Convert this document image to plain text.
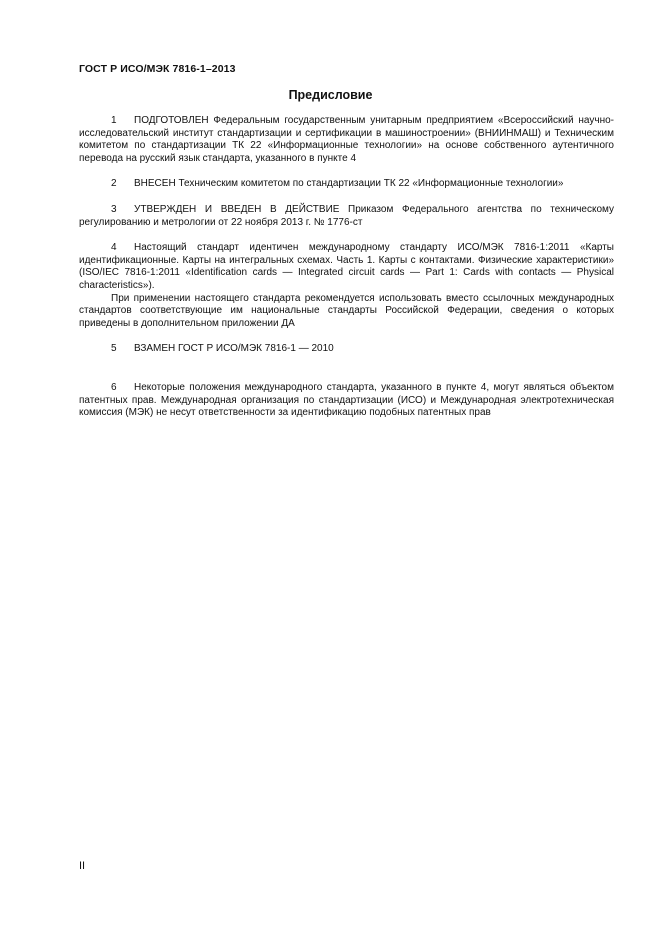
ГОСТ Р ИСО/МЭК 7816-1–2013
Предисловие

1 ПОДГОТОВЛЕН Федеральным государственным унитарным предприятием «Всероссийский научно-исследовательский институт стандартизации и сертификации в машиностроении» (ВНИИНМАШ) и Техническим комитетом по стандартизации ТК 22 «Информационные технологии» на основе собственного аутентичного перевода на русский язык стандарта, указанного в пункте 4

2 ВНЕСЕН Техническим комитетом по стандартизации ТК 22 «Информационные технологии»

3 УТВЕРЖДЕН И ВВЕДЕН В ДЕЙСТВИЕ Приказом Федерального агентства по техническому регулированию и метрологии от 22 ноября 2013 г. № 1776-ст

4 Настоящий стандарт идентичен международному стандарту ИСО/МЭК 7816-1:2011 «Карты идентификационные. Карты на интегральных схемах. Часть 1. Карты с контактами. Физические характеристики» (ISO/IEC 7816-1:2011 «Identification cards — Integrated circuit cards — Part 1: Cards with contacts — Physical characteristics»).

При применении настоящего стандарта рекомендуется использовать вместо ссылочных международных стандартов соответствующие им национальные стандарты Российской Федерации, сведения о которых приведены в дополнительном приложении ДА

5 ВЗАМЕН ГОСТ Р ИСО/МЭК 7816-1 — 2010

6 Некоторые положения международного стандарта, указанного в пункте 4, могут являться объектом патентных прав. Международная организация по стандартизации (ИСО) и Международная электротехническая комиссия (МЭК) не несут ответственности за идентификацию подобных патентных прав

II
